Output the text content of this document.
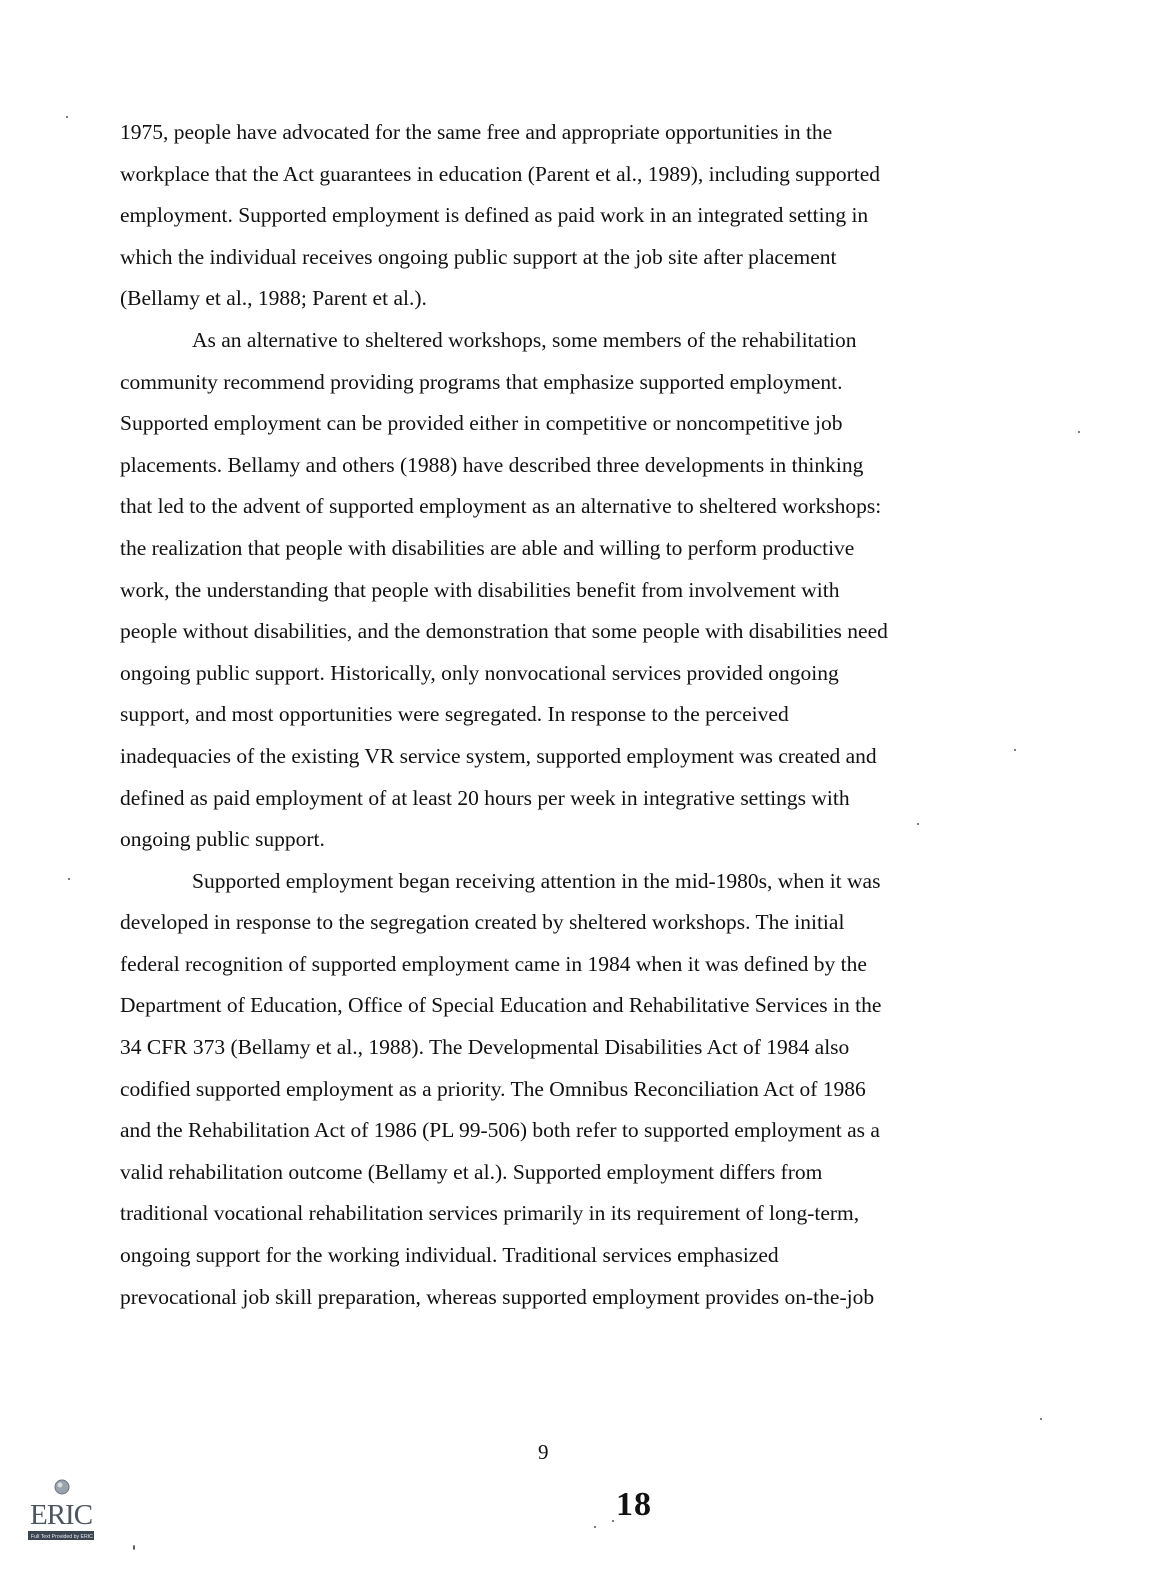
1975, people have advocated for the same free and appropriate opportunities in the
workplace that the Act guarantees in education (Parent et al., 1989), including supported
employment. Supported employment is defined as paid work in an integrated setting in
which the individual receives ongoing public support at the job site after placement
(Bellamy et al., 1988; Parent et al.).
As an alternative to sheltered workshops, some members of the rehabilitation
community recommend providing programs that emphasize supported employment.
Supported employment can be provided either in competitive or noncompetitive job
placements. Bellamy and others (1988) have described three developments in thinking
that led to the advent of supported employment as an alternative to sheltered workshops:
the realization that people with disabilities are able and willing to perform productive
work, the understanding that people with disabilities benefit from involvement with
people without disabilities, and the demonstration that some people with disabilities need
ongoing public support. Historically, only nonvocational services provided ongoing
support, and most opportunities were segregated. In response to the perceived
inadequacies of the existing VR service system, supported employment was created and
defined as paid employment of at least 20 hours per week in integrative settings with
ongoing public support.
Supported employment began receiving attention in the mid-1980s, when it was
developed in response to the segregation created by sheltered workshops. The initial
federal recognition of supported employment came in 1984 when it was defined by the
Department of Education, Office of Special Education and Rehabilitative Services in the
34 CFR 373 (Bellamy et al., 1988). The Developmental Disabilities Act of 1984 also
codified supported employment as a priority. The Omnibus Reconciliation Act of 1986
and the Rehabilitation Act of 1986 (PL 99-506) both refer to supported employment as a
valid rehabilitation outcome (Bellamy et al.). Supported employment differs from
traditional vocational rehabilitation services primarily in its requirement of long-term,
ongoing support for the working individual. Traditional services emphasized
prevocational job skill preparation, whereas supported employment provides on-the-job
9
18
ERIC
Full Text Provided by ERIC
